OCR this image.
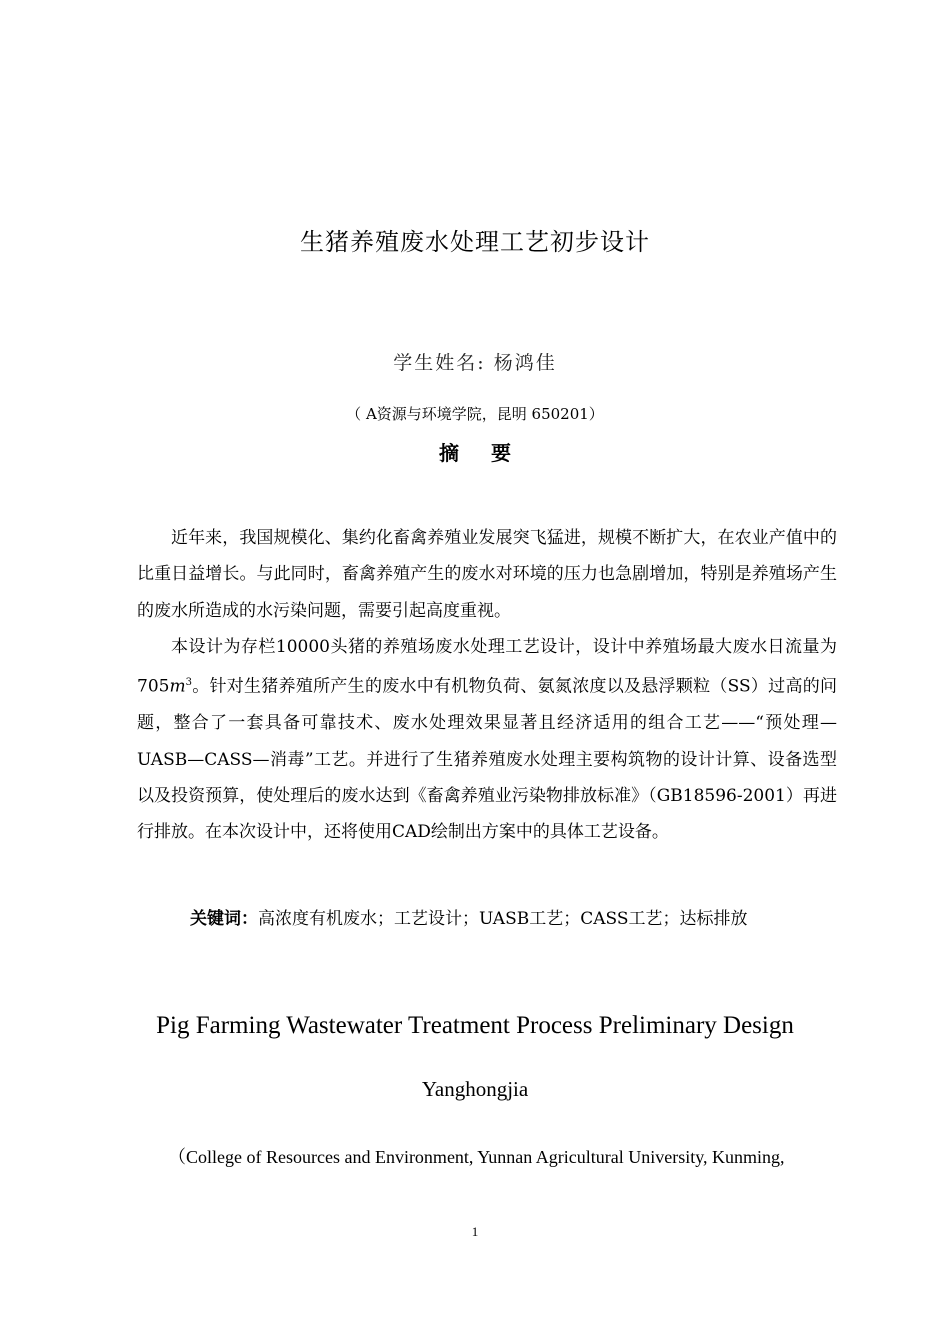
生猪养殖废水处理工艺初步设计
学生姓名: 杨鸿佳
（ A资源与环境学院，昆明 650201）
摘 要

近年来，我国规模化、集约化畜禽养殖业发展突飞猛进，规模不断扩大，在农业产值中的比重日益增长。与此同时，畜禽养殖产生的废水对环境的压力也急剧增加，特别是养殖场产生的废水所造成的水污染问题，需要引起高度重视。

本设计为存栏10000头猪的养殖场废水处理工艺设计，设计中养殖场最大废水日流量为$705m^3$。针对生猪养殖所产生的废水中有机物负荷、氨氮浓度以及悬浮颗粒（SS）过高的问题，整合了一套具备可靠技术、废水处理效果显著且经济适用的组合工艺——“预处理—UASB—CASS—消毒”工艺。并进行了生猪养殖废水处理主要构筑物的设计计算、设备选型以及投资预算，使处理后的废水达到《畜禽养殖业污染物排放标准》（GB18596-2001）再进行排放。在本次设计中，还将使用CAD绘制出方案中的具体工艺设备。

关键词：高浓度有机废水；工艺设计；UASB工艺；CASS工艺；达标排放
Pig Farming Wastewater Treatment Process Preliminary Design
Yanghongjia
（College of Resources and Environment, Yunnan Agricultural University, Kunming,
1
